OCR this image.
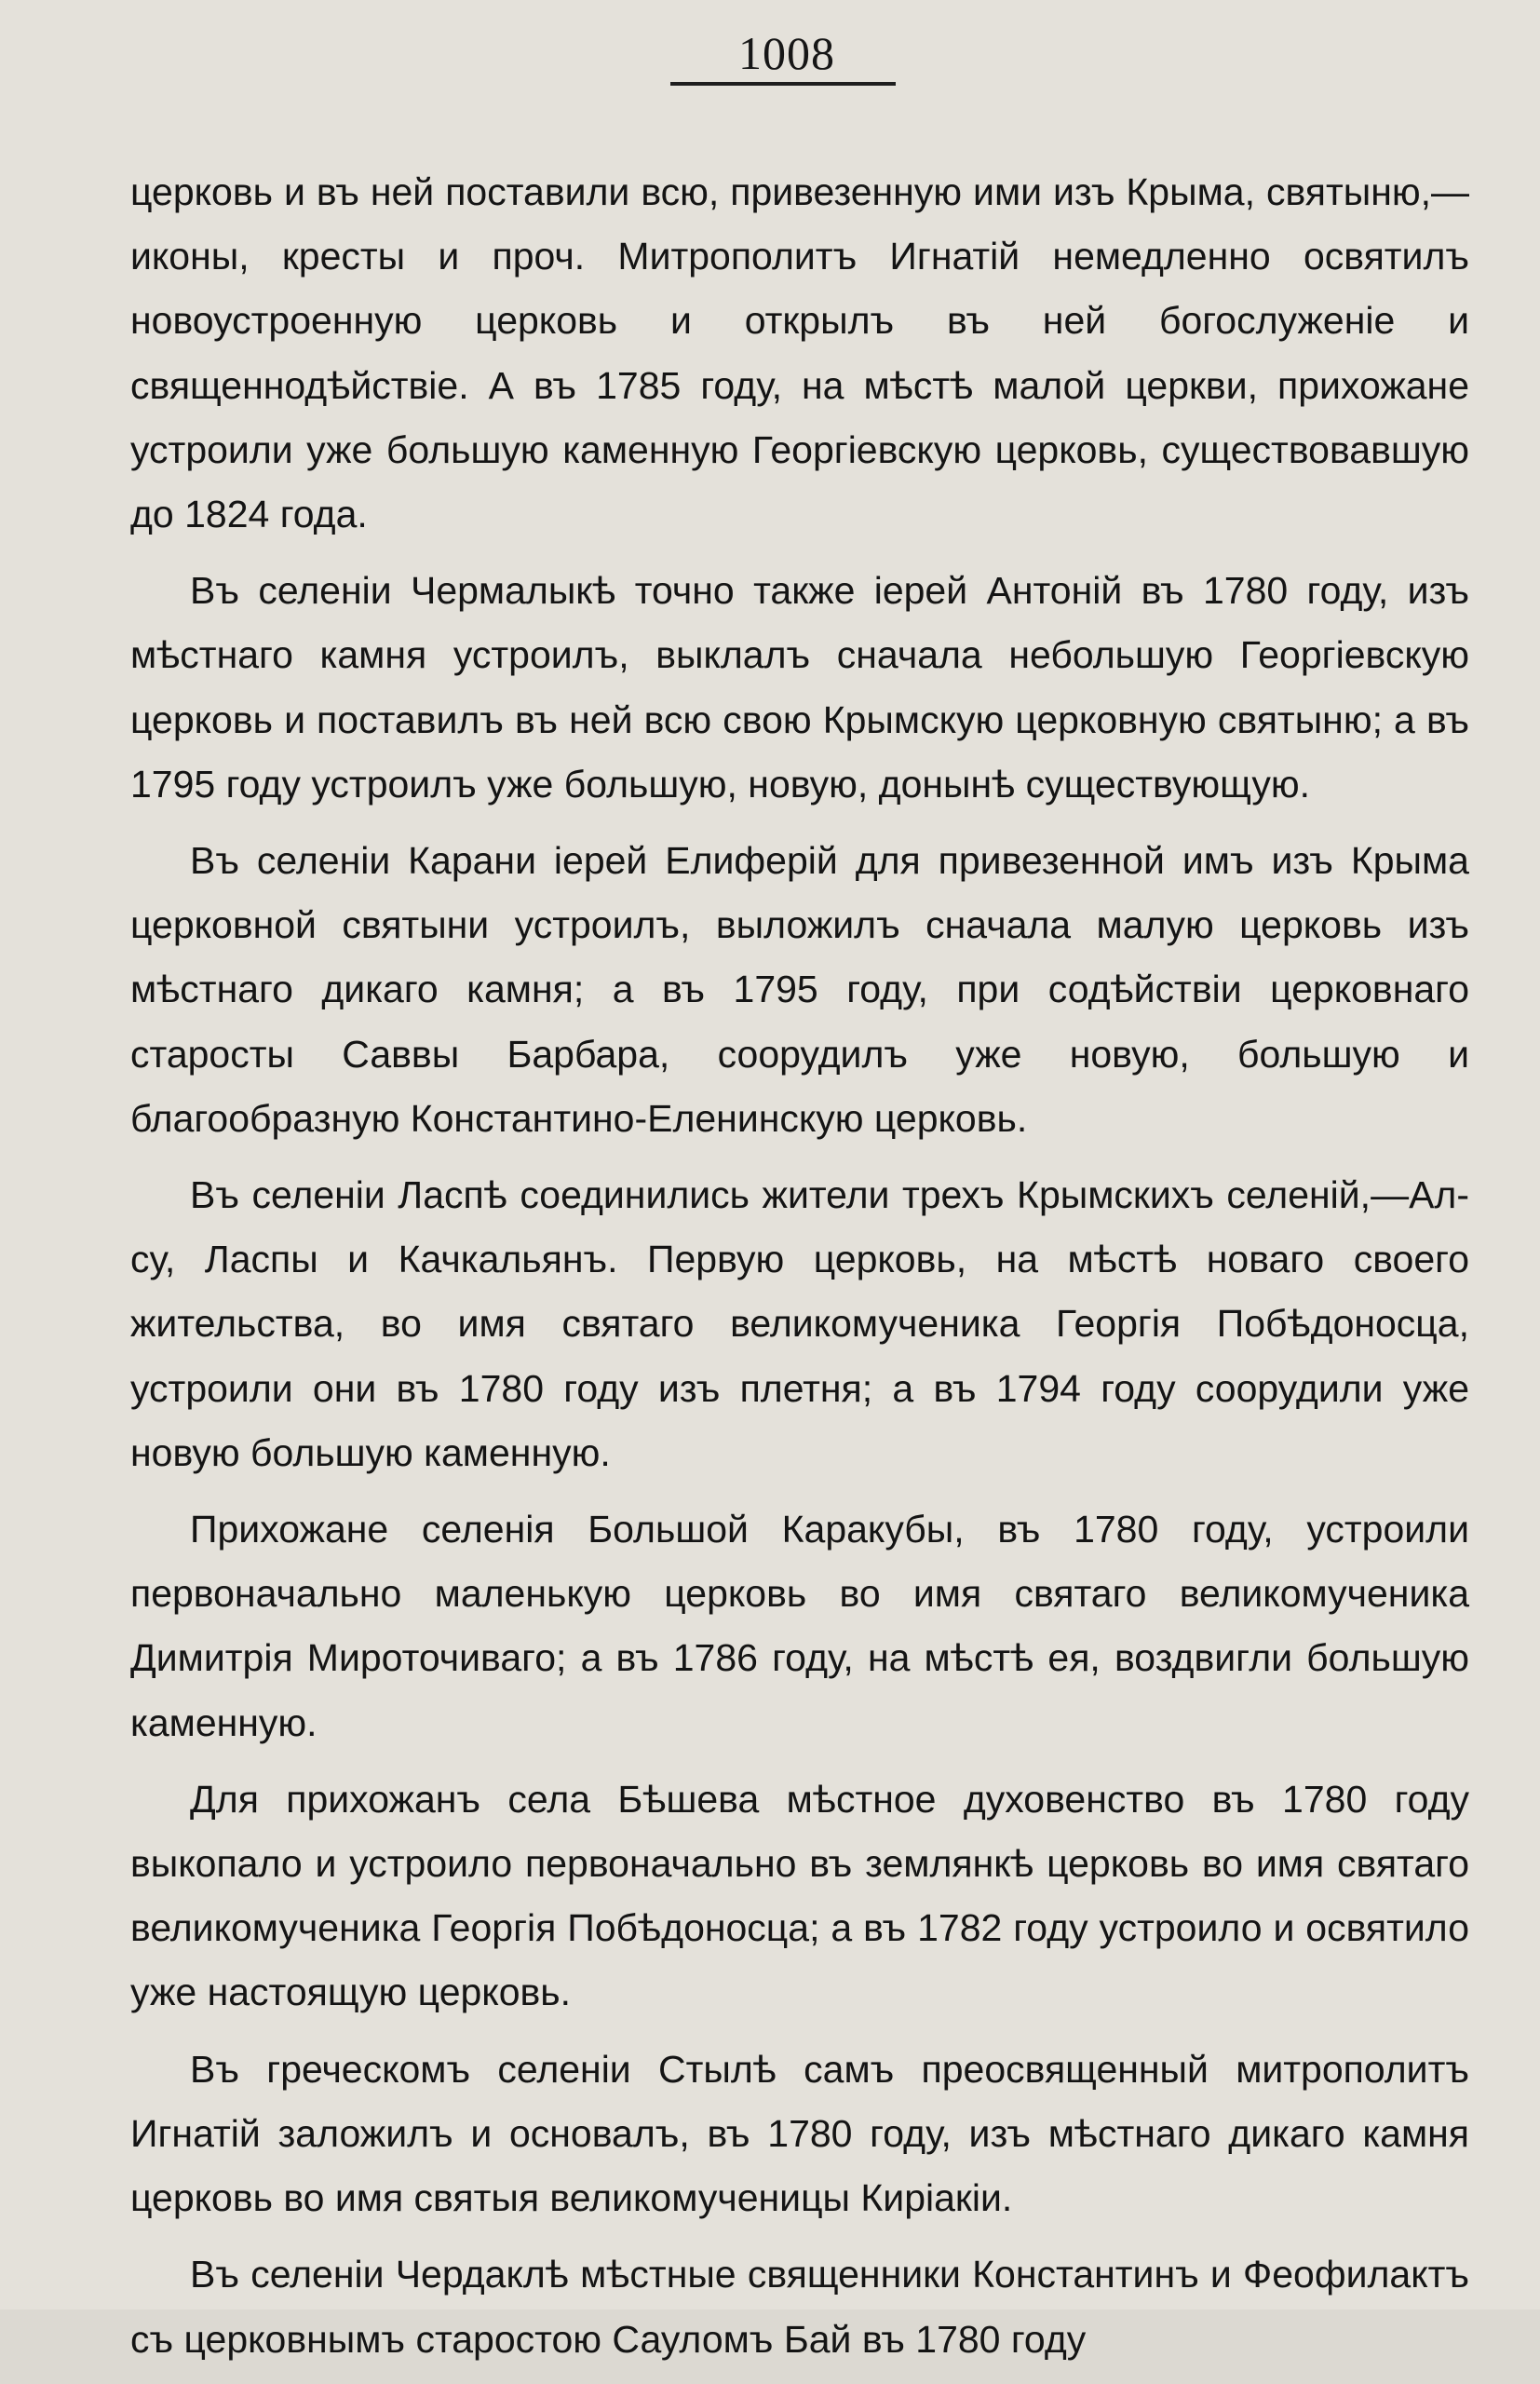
1008

церковь и въ ней поставили всю, привезенную ими изъ Крыма, святыню,—иконы, кресты и проч. Митрополитъ Игнатій немедленно освятилъ новоустроенную церковь и открылъ въ ней богослуженіе и священнодѣйствіе. А въ 1785 году, на мѣстѣ малой церкви, прихожане устроили уже большую каменную Георгіевскую церковь, существовавшую до 1824 года.

Въ селеніи Чермалыкѣ точно также іерей Антоній въ 1780 году, изъ мѣстнаго камня устроилъ, выклалъ сначала небольшую Георгіевскую церковь и поставилъ въ ней всю свою Крымскую церковную святыню; а въ 1795 году устроилъ уже большую, новую, донынѣ существующую.

Въ селеніи Карани іерей Елиферій для привезенной имъ изъ Крыма церковной святыни устроилъ, выложилъ сначала малую церковь изъ мѣстнаго дикаго камня; а въ 1795 году, при содѣйствіи церковнаго старосты Саввы Барбара, соорудилъ уже новую, большую и благообразную Константино-Еленинскую церковь.

Въ селеніи Ласпѣ соединились жители трехъ Крымскихъ селеній,—Ал-су, Ласпы и Качкальянъ. Первую церковь, на мѣстѣ новаго своего жительства, во имя святаго великомученика Георгія Побѣдоносца, устроили они въ 1780 году изъ плетня; а въ 1794 году соорудили уже новую большую каменную.

Прихожане селенія Большой Каракубы, въ 1780 году, устроили первоначально маленькую церковь во имя святаго великомученика Димитрія Мироточиваго; а въ 1786 году, на мѣстѣ ея, воздвигли большую каменную.

Для прихожанъ села Бѣшева мѣстное духовенство въ 1780 году выкопало и устроило первоначально въ землянкѣ церковь во имя святаго великомученика Георгія Побѣдоносца; а въ 1782 году устроило и освятило уже настоящую церковь.

Въ греческомъ селеніи Стылѣ самъ преосвященный митрополитъ Игнатій заложилъ и основалъ, въ 1780 году, изъ мѣстнаго дикаго камня церковь во имя святыя великомученицы Киріакіи.

Въ селеніи Чердаклѣ мѣстные священники Константинъ и Феофилактъ съ церковнымъ старостою Сауломъ Бай въ 1780 году
